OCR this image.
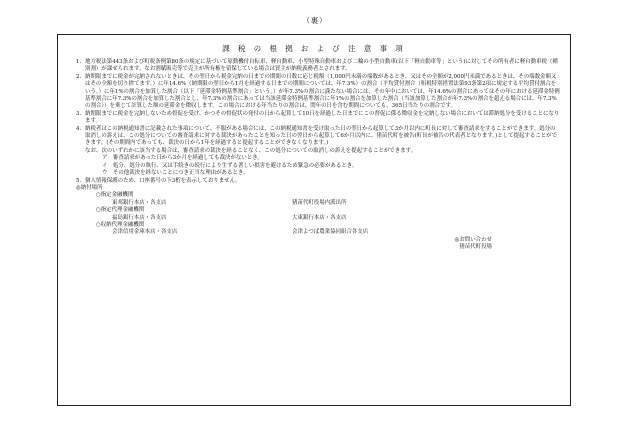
（裏）
課 税 の 根 拠 お よ び 注 意 事 項
1. 地方税法第443条および町税条例第80条の規定に基づいて原動機付自転車、軽自動車、小型特殊自動車および二輪の小型自動車(以下「軽自動車等」という)に対してその所有者に軽自動車税（種別割）が課せられます。なお割賦販売等で売主が所有権を留保している場合は買主が納税義務者とされます。
2. 納期限までに税金が完納されないときは、その翌日から税金完納の日までの期間の日数に応じ税額（1,000円未満の端数があるとき、又はその全額が2,000円未満であるときは、その端数金額又はその全額を切り捨てます。）に年14.6%（納期限の翌日から1月を経過する日までの期間については、年7.3%）の割合（平均貸付割合（租税特別措置法第93条第2項に規定する平均貸付割合をいう。）に年1%の割合を加算した割合（以下「延滞金特例基準割合」という。）が年7.3%の割合に満たない場合には、その年中においては、年14.6%の割合にあってはその年における延滞金特例基準割合に年7.3%の割合を加算した割合とし、年7.3%の割合にあっては当該延滞金特例基準割合に年1%の割合を加算した割合（当該加算した割合が年7.3%の割合を超える場合には、年7.3%の割合））を乗じて計算した額の延滞金を徴収します。この場合における年当たりの割合は、閏年の日を含む期間についても、365日当たりの割合です。
3. 納期限までに税金を完納しないため督促を受け、かつその督促状の発付の日から起算して10日を経過した日までにこの督促に係る徴収金を完納しない場合においては滞納処分を受けることになります。
4. 納税者はこの納税通知書に記載された事項について、不服がある場合には、この納税通知書を受け取った日の翌日から起算して3か月以内に町長に対して審査請求をすることができます。処分の取消しの訴えは、この処分についての審査請求に対する裁決があったことを知った日の翌日から起算して6か月以内に、猪苗代町を被告(町長が被告の代表者となります。)として提起することができます。(その期間内であっても、裁決の日から1年を経過すると提起することができなくなります。)
なお、次のいずれかに該当する場合は、審査請求の裁決を経ることなく、この処分についての取消しの訴えを提起することができます。
ア　審査請求があった日から3か月を経過しても裁決がないとき。
イ　処分、処分の執行、又は手続きの続行により生ずる著しい損害を避けるため緊急の必要があるとき。
ウ　その他裁決を経ないことにつき正当な理由があるとき。
5. 個人情報保護のため、口座番号の下3桁を表示しておりません。
◎納付場所
○指定金融機関
東邦銀行本店・各支店	猪苗代町役場内派出所
○指定代理金融機関
福島銀行本店・各支店	大東銀行本店・各支店
○収納代理金融機関
会津信用金庫本店・各支店	会津よつば農業協同組合各支店
◎お問い合わせ
猪苗代町役場
